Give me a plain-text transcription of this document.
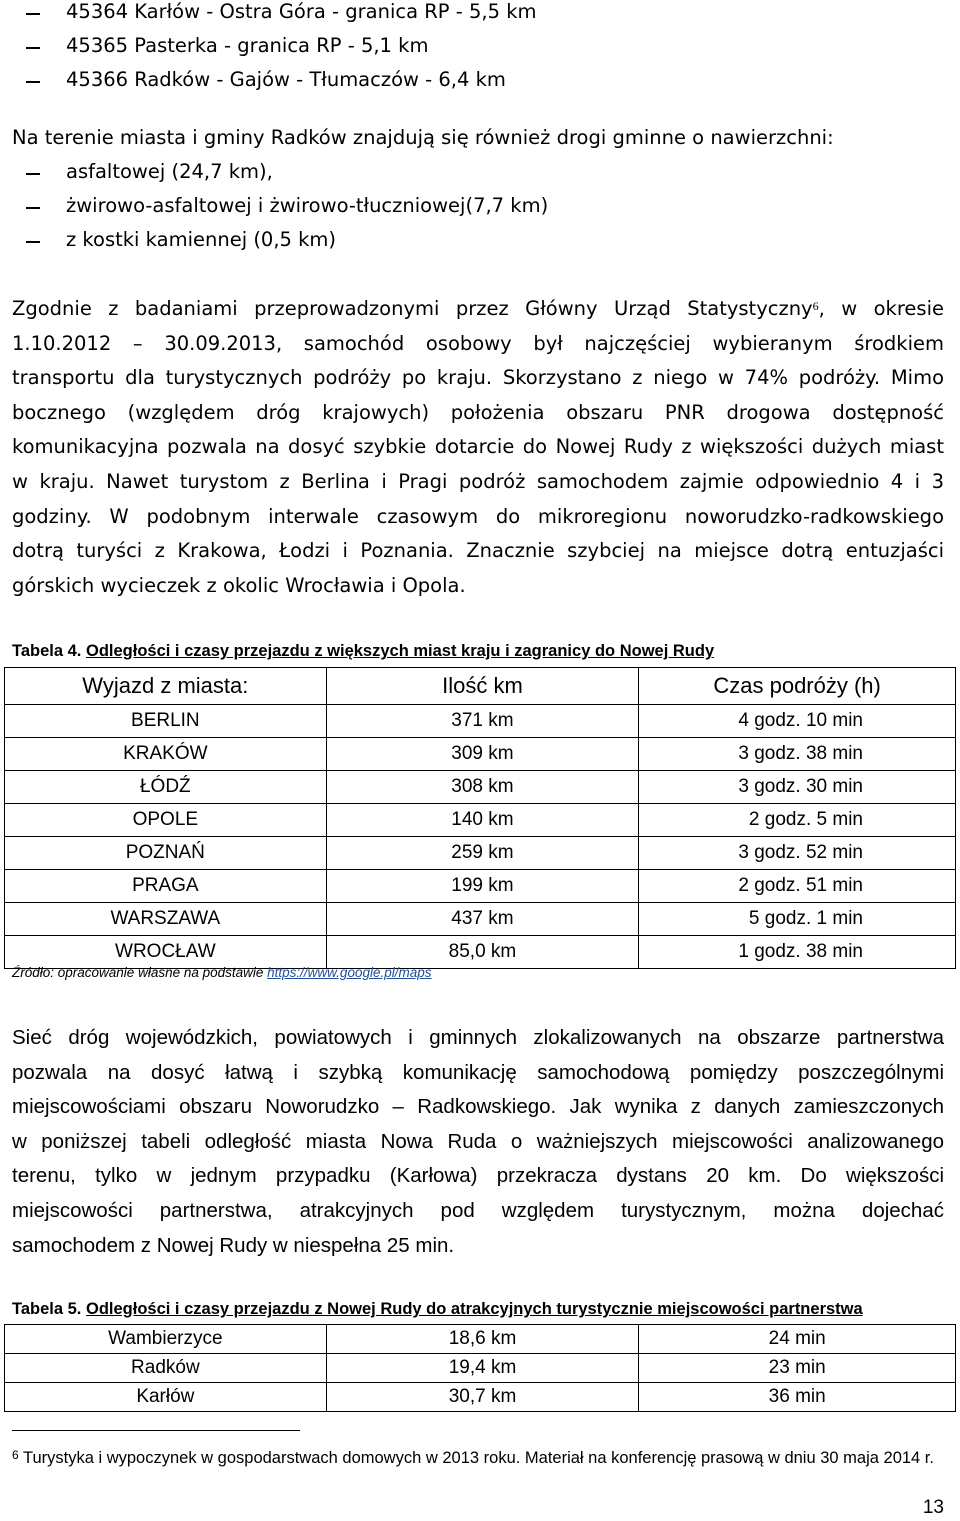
45364 Karłów - Ostra Góra - granica RP - 5,5 km
45365 Pasterka - granica RP - 5,1 km
45366 Radków - Gajów - Tłumaczów - 6,4 km
Na terenie miasta i gminy Radków znajdują się również drogi gminne o nawierzchni:
asfaltowej (24,7 km),
żwirowo-asfaltowej i żwirowo-tłuczniowej(7,7 km)
z kostki kamiennej (0,5 km)
Zgodnie z badaniami przeprowadzonymi przez Główny Urząd Statystyczny$^6$, w okresie
1.10.2012 – 30.09.2013, samochód osobowy był najczęściej wybieranym środkiem
transportu dla turystycznych podróży po kraju. Skorzystano z niego w 74% podróży. Mimo
bocznego (względem dróg krajowych) położenia obszaru PNR drogowa dostępność
komunikacyjna pozwala na dosyć szybkie dotarcie do Nowej Rudy z większości dużych miast
w kraju. Nawet turystom z Berlina i Pragi podróż samochodem zajmie odpowiednio 4 i 3
godziny. W podobnym interwale czasowym do mikroregionu noworudzko-radkowskiego
dotrą turyści z Krakowa, Łodzi i Poznania. Znacznie szybciej na miejsce dotrą entuzjaści
górskich wycieczek z okolic Wrocławia i Opola.
Tabela 4. Odległości i czasy przejazdu z większych miast kraju i zagranicy do Nowej Rudy
Wyjazd z miasta:	Ilość km	Czas podróży (h)
BERLIN	371 km	4 godz. 10 min
KRAKÓW	309 km	3 godz. 38 min
ŁÓDŹ	308 km	3 godz. 30 min
OPOLE	140 km	2 godz. 5 min
POZNAŃ	259 km	3 godz. 52 min
PRAGA	199 km	2 godz. 51 min
WARSZAWA	437 km	5 godz. 1 min
WROCŁAW	85,0 km	1 godz. 38 min
Źródło: opracowanie własne na podstawie https://www.google.pl/maps
Sieć dróg wojewódzkich, powiatowych i gminnych zlokalizowanych na obszarze partnerstwa
pozwala na dosyć łatwą i szybką komunikację samochodową pomiędzy poszczególnymi
miejscowościami obszaru Noworudzko – Radkowskiego. Jak wynika z danych zamieszczonych
w poniższej tabeli odległość miasta Nowa Ruda o ważniejszych miejscowości analizowanego
terenu, tylko w jednym przypadku (Karłowa) przekracza dystans 20 km. Do większości
miejscowości partnerstwa, atrakcyjnych pod względem turystycznym, można dojechać
samochodem z Nowej Rudy w niespełna 25 min.
Tabela 5. Odległości i czasy przejazdu z Nowej Rudy do atrakcyjnych turystycznie miejscowości partnerstwa
Wambierzyce	18,6 km	24 min
Radków	19,4 km	23 min
Karłów	30,7 km	36 min
$^6$ Turystyka i wypoczynek w gospodarstwach domowych w 2013 roku. Materiał na konferencję prasową w dniu 30 maja 2014 r.
13
